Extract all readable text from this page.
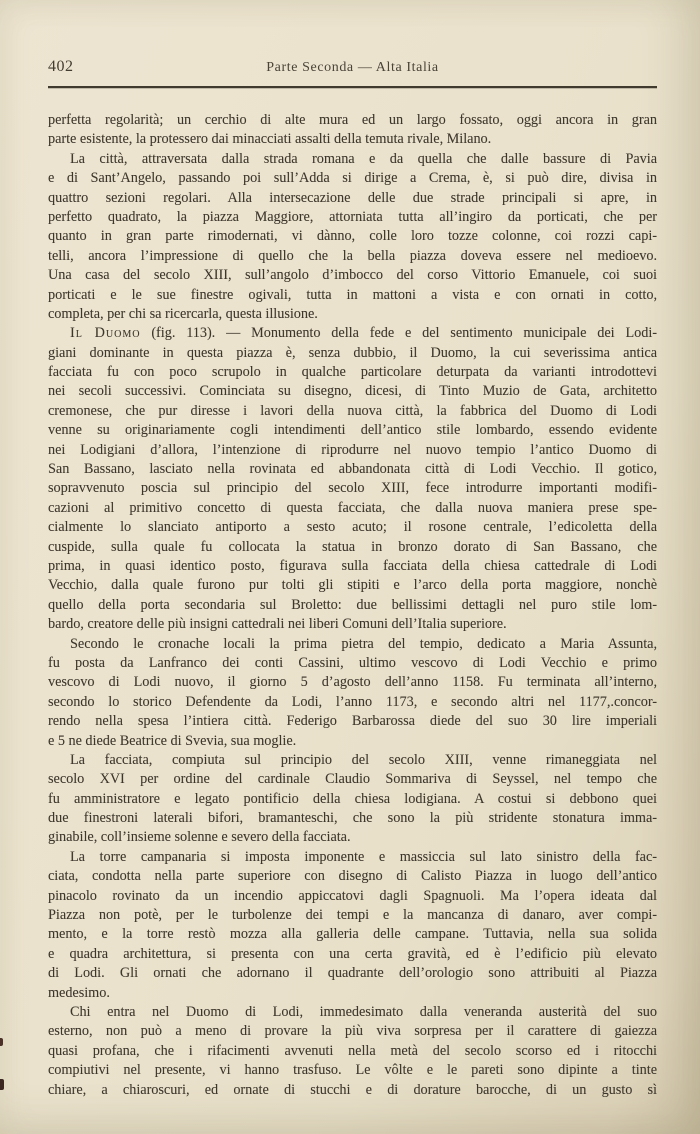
402	Parte Seconda — Alta Italia
perfetta regolarità; un cerchio di alte mura ed un largo fossato, oggi ancora in gran
parte esistente, la protessero dai minacciati assalti della temuta rivale, Milano.
La città, attraversata dalla strada romana e da quella che dalle bassure di Pavia
e di Sant’Angelo, passando poi sull’Adda si dirige a Crema, è, si può dire, divisa in
quattro sezioni regolari. Alla intersecazione delle due strade principali si apre, in
perfetto quadrato, la piazza Maggiore, attorniata tutta all’ingiro da porticati, che per
quanto in gran parte rimodernati, vi dànno, colle loro tozze colonne, coi rozzi capi-
telli, ancora l’impressione di quello che la bella piazza doveva essere nel medioevo.
Una casa del secolo XIII, sull’angolo d’imbocco del corso Vittorio Emanuele, coi suoi
porticati e le sue finestre ogivali, tutta in mattoni a vista e con ornati in cotto,
completa, per chi sa ricercarla, questa illusione.
Il Duomo (fig. 113). — Monumento della fede e del sentimento municipale dei Lodi-
giani dominante in questa piazza è, senza dubbio, il Duomo, la cui severissima antica
facciata fu con poco scrupolo in qualche particolare deturpata da varianti introdottevi
nei secoli successivi. Cominciata su disegno, dicesi, di Tinto Muzio de Gata, architetto
cremonese, che pur diresse i lavori della nuova città, la fabbrica del Duomo di Lodi
venne su originariamente cogli intendimenti dell’antico stile lombardo, essendo evidente
nei Lodigiani d’allora, l’intenzione di riprodurre nel nuovo tempio l’antico Duomo di
San Bassano, lasciato nella rovinata ed abbandonata città di Lodi Vecchio. Il gotico,
sopravvenuto poscia sul principio del secolo XIII, fece introdurre importanti modifi-
cazioni al primitivo concetto di questa facciata, che dalla nuova maniera prese spe-
cialmente lo slanciato antiporto a sesto acuto; il rosone centrale, l’edicoletta della
cuspide, sulla quale fu collocata la statua in bronzo dorato di San Bassano, che
prima, in quasi identico posto, figurava sulla facciata della chiesa cattedrale di Lodi
Vecchio, dalla quale furono pur tolti gli stipiti e l’arco della porta maggiore, nonchè
quello della porta secondaria sul Broletto: due bellissimi dettagli nel puro stile lom-
bardo, creatore delle più insigni cattedrali nei liberi Comuni dell’Italia superiore.
Secondo le cronache locali la prima pietra del tempio, dedicato a Maria Assunta,
fu posta da Lanfranco dei conti Cassini, ultimo vescovo di Lodi Vecchio e primo
vescovo di Lodi nuovo, il giorno 5 d’agosto dell’anno 1158. Fu terminata all’interno,
secondo lo storico Defendente da Lodi, l’anno 1173, e secondo altri nel 1177,.concor-
rendo nella spesa l’intiera città. Federigo Barbarossa diede del suo 30 lire imperiali
e 5 ne diede Beatrice di Svevia, sua moglie.
La facciata, compiuta sul principio del secolo XIII, venne rimaneggiata nel
secolo XVI per ordine del cardinale Claudio Sommariva di Seyssel, nel tempo che
fu amministratore e legato pontificio della chiesa lodigiana. A costui si debbono quei
due finestroni laterali bifori, bramanteschi, che sono la più stridente stonatura imma-
ginabile, coll’insieme solenne e severo della facciata.
La torre campanaria si imposta imponente e massiccia sul lato sinistro della fac-
ciata, condotta nella parte superiore con disegno di Calisto Piazza in luogo dell’antico
pinacolo rovinato da un incendio appiccatovi dagli Spagnuoli. Ma l’opera ideata dal
Piazza non potè, per le turbolenze dei tempi e la mancanza di danaro, aver compi-
mento, e la torre restò mozza alla galleria delle campane. Tuttavia, nella sua solida
e quadra architettura, si presenta con una certa gravità, ed è l’edificio più elevato
di Lodi. Gli ornati che adornano il quadrante dell’orologio sono attribuiti al Piazza
medesimo.
Chi entra nel Duomo di Lodi, immedesimato dalla veneranda austerità del suo
esterno, non può a meno di provare la più viva sorpresa per il carattere di gaiezza
quasi profana, che i rifacimenti avvenuti nella metà del secolo scorso ed i ritocchi
compiutivi nel presente, vi hanno trasfuso. Le vôlte e le pareti sono dipinte a tinte
chiare, a chiaroscuri, ed ornate di stucchi e di dorature barocche, di un gusto sì
